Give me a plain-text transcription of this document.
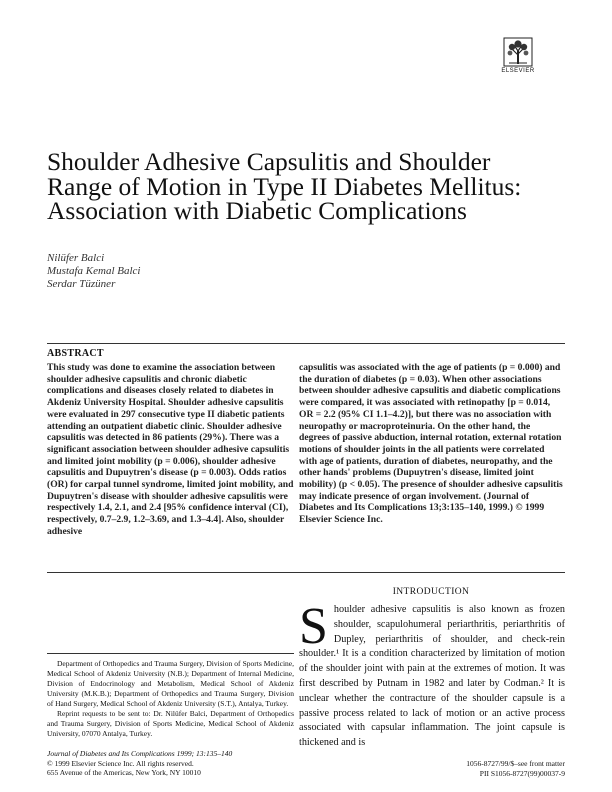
ELSEVIER
Shoulder Adhesive Capsulitis and Shoulder Range of Motion in Type II Diabetes Mellitus: Association with Diabetic Complications
Nilüfer Balci
Mustafa Kemal Balci
Serdar Tüzüner
ABSTRACT
This study was done to examine the association between shoulder adhesive capsulitis and chronic diabetic complications and diseases closely related to diabetes in Akdeniz University Hospital. Shoulder adhesive capsulitis were evaluated in 297 consecutive type II diabetic patients attending an outpatient diabetic clinic. Shoulder adhesive capsulitis was detected in 86 patients (29%). There was a significant association between shoulder adhesive capsulitis and limited joint mobility (p = 0.006), shoulder adhesive capsulitis and Dupuytren's disease (p = 0.003). Odds ratios (OR) for carpal tunnel syndrome, limited joint mobility, and Dupuytren's disease with shoulder adhesive capsulitis were respectively 1.4, 2.1, and 2.4 [95% confidence interval (CI), respectively, 0.7–2.9, 1.2–3.69, and 1.3–4.4]. Also, shoulder adhesive
capsulitis was associated with the age of patients (p = 0.000) and the duration of diabetes (p = 0.03). When other associations between shoulder adhesive capsulitis and diabetic complications were compared, it was associated with retinopathy [p = 0.014, OR = 2.2 (95% CI 1.1–4.2)], but there was no association with neuropathy or macroproteinuria. On the other hand, the degrees of passive abduction, internal rotation, external rotation motions of shoulder joints in the all patients were correlated with age of patients, duration of diabetes, neuropathy, and the other hands' problems (Dupuytren's disease, limited joint mobility) (p < 0.05). The presence of shoulder adhesive capsulitis may indicate presence of organ involvement. (Journal of Diabetes and Its Complications 13;3:135–140, 1999.) © 1999 Elsevier Science Inc.
INTRODUCTION
S houlder adhesive capsulitis is also known as frozen shoulder, scapulohumeral periarthritis, periarthritis of Dupley, periarthritis of shoulder, and check-rein shoulder.¹ It is a condition characterized by limitation of motion of the shoulder joint with pain at the extremes of motion. It was first described by Putnam in 1982 and later by Codman.² It is unclear whether the contracture of the shoulder capsule is a passive process related to lack of motion or an active process associated with capsular inflammation. The joint capsule is thickened and is

Department of Orthopedics and Trauma Surgery, Division of Sports Medicine, Medical School of Akdeniz University (N.B.); Department of Internal Medicine, Division of Endocrinology and Metabolism, Medical School of Akdeniz University (M.K.B.); Department of Orthopedics and Trauma Surgery, Division of Hand Surgery, Medical School of Akdeniz University (S.T.), Antalya, Turkey.

Reprint requests to be sent to: Dr. Nilüfer Balci, Department of Orthopedics and Trauma Surgery, Division of Sports Medicine, Medical School of Akdeniz University, 07070 Antalya, Turkey.

Journal of Diabetes and Its Complications 1999; 13:135–140
© 1999 Elsevier Science Inc. All rights reserved.
655 Avenue of the Americas, New York, NY 10010
1056-8727/99/$–see front matter
PII S1056-8727(99)00037-9
